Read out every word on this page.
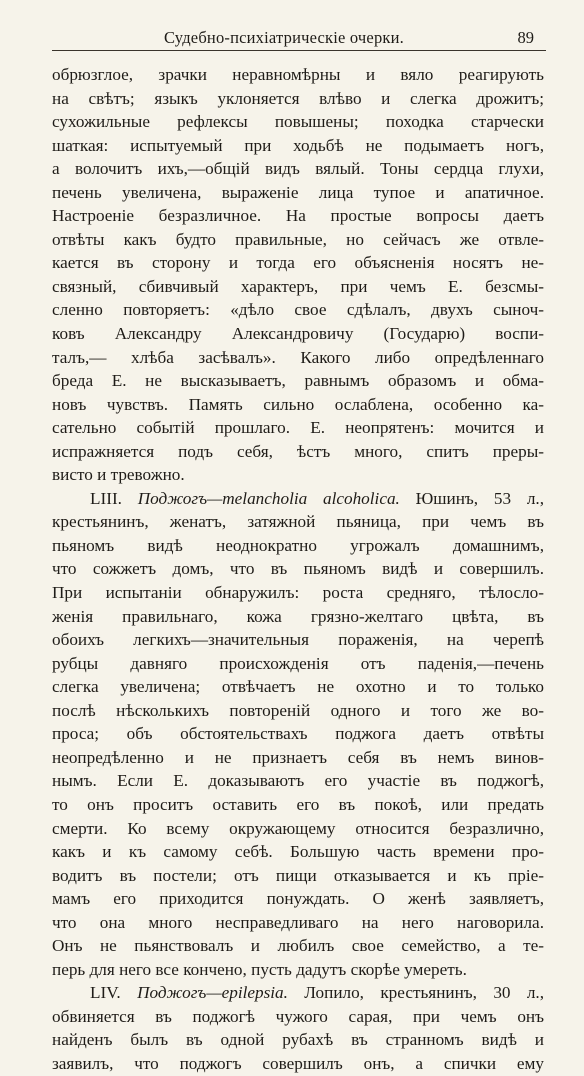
Судебно-психіатрическіе очерки.	89
обрюзглое, зрачки неравномѣрны и вяло реагирують
на свѣтъ; языкъ уклоняется влѣво и слегка дрожитъ;
сухожильные рефлексы повышены; походка старчески
шаткая: испытуемый при ходьбѣ не подымаетъ ногъ,
а волочитъ ихъ,—общій видъ вялый. Тоны сердца глухи,
печень увеличена, выраженіе лица тупое и апатичное.
Настроеніе безразличное. На простые вопросы даетъ
отвѣты какъ будто правильные, но сейчасъ же отвле-
кается въ сторону и тогда его объясненія носятъ не-
связный, сбивчивый характеръ, при чемъ Е. безсмы-
сленно повторяетъ: «дѣло свое сдѣлалъ, двухъ сыноч-
ковъ Александру Александровичу (Государю) воспи-
талъ,— хлѣба засѣвалъ». Какого либо опредѣленнаго
бреда Е. не высказываетъ, равнымъ образомъ и обма-
новъ чувствъ. Память сильно ослаблена, особенно ка-
сательно событій прошлаго. Е. неопрятенъ: мочится и
испражняется подъ себя, ѣстъ много, спитъ преры-
висто и тревожно.
LIII. Поджогъ—melancholia alcoholica. Юшинъ, 53 л.,
крестьянинъ, женатъ, затяжной пьяница, при чемъ въ
пьяномъ видѣ неоднократно угрожалъ домашнимъ,
что сожжетъ домъ, что въ пьяномъ видѣ и совершилъ.
При испытаніи обнаружилъ: роста средняго, тѣлосло-
женія правильнаго, кожа грязно-желтаго цвѣта, въ
обоихъ легкихъ—значительныя пораженія, на черепѣ
рубцы давняго происхожденія отъ паденія,—печень
слегка увеличена; отвѣчаетъ не охотно и то только
послѣ нѣсколькихъ повтореній одного и того же во-
проса; объ обстоятельствахъ поджога даетъ отвѣты
неопредѣленно и не признаетъ себя въ немъ винов-
нымъ. Если Е. доказываютъ его участіе въ поджогѣ,
то онъ проситъ оставить его въ покоѣ, или предать
смерти. Ко всему окружающему относится безразлично,
какъ и къ самому себѣ. Большую часть времени про-
водитъ въ постели; отъ пищи отказывается и къ пріе-
мамъ его приходится понуждать. О женѣ заявляетъ,
что она много несправедливаго на него наговорила.
Онъ не пьянствовалъ и любилъ свое семейство, а те-
перь для него все кончено, пусть дадутъ скорѣе умереть.
LIV. Поджогъ—epilepsia. Лопило, крестьянинъ, 30 л.,
обвиняется въ поджогѣ чужого сарая, при чемъ онъ
найденъ былъ въ одной рубахѣ въ странномъ видѣ и
заявилъ, что поджогъ совершилъ онъ, а спички ему
